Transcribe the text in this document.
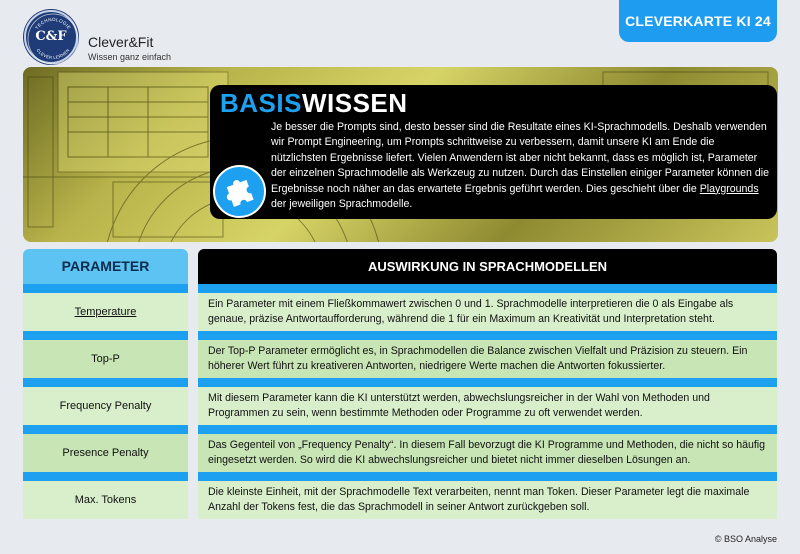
TECHNOLOGIE
CLEVER LERNEN
C&F	Clever&Fit
Wissen ganz einfach
CLEVERKARTE KI 24
BASISWISSEN
Je besser die Prompts sind, desto besser sind die Resultate eines KI-Sprachmodells. Deshalb verwenden wir Prompt Engineering, um Prompts schrittweise zu verbessern, damit unsere KI am Ende die nützlichsten Ergebnisse liefert. Vielen Anwendern ist aber nicht bekannt, dass es möglich ist, Parameter der einzelnen Sprachmodelle als Werkzeug zu nutzen. Durch das Einstellen einiger Parameter können die Ergebnisse noch näher an das erwartete Ergebnis geführt werden. Dies geschieht über die Playgrounds der jeweiligen Sprachmodelle.
PARAMETER	AUSWIRKUNG IN SPRACHMODELLEN
Temperature
Ein Parameter mit einem Fließkommawert zwischen 0 und 1. Sprachmodelle interpretieren die 0 als Eingabe als genaue, präzise Antwortaufforderung, während die 1 für ein Maximum an Kreativität und Interpretation steht.
Top-P
Der Top-P Parameter ermöglicht es, in Sprachmodellen die Balance zwischen Vielfalt und Präzision zu steuern. Ein höherer Wert führt zu kreativeren Antworten, niedrigere Werte machen die Antworten fokussierter.
Frequency Penalty
Mit diesem Parameter kann die KI unterstützt werden, abwechslungsreicher in der Wahl von Methoden und Programmen zu sein, wenn bestimmte Methoden oder Programme zu oft verwendet werden.
Presence Penalty
Das Gegenteil von „Frequency Penalty“. In diesem Fall bevorzugt die KI Programme und Methoden, die nicht so häufig eingesetzt werden. So wird die KI abwechslungsreicher und bietet nicht immer dieselben Lösungen an.
Max. Tokens
Die kleinste Einheit, mit der Sprachmodelle Text verarbeiten, nennt man Token. Dieser Parameter legt die maximale Anzahl der Tokens fest, die das Sprachmodell in seiner Antwort zurückgeben soll.
© BSO Analyse
